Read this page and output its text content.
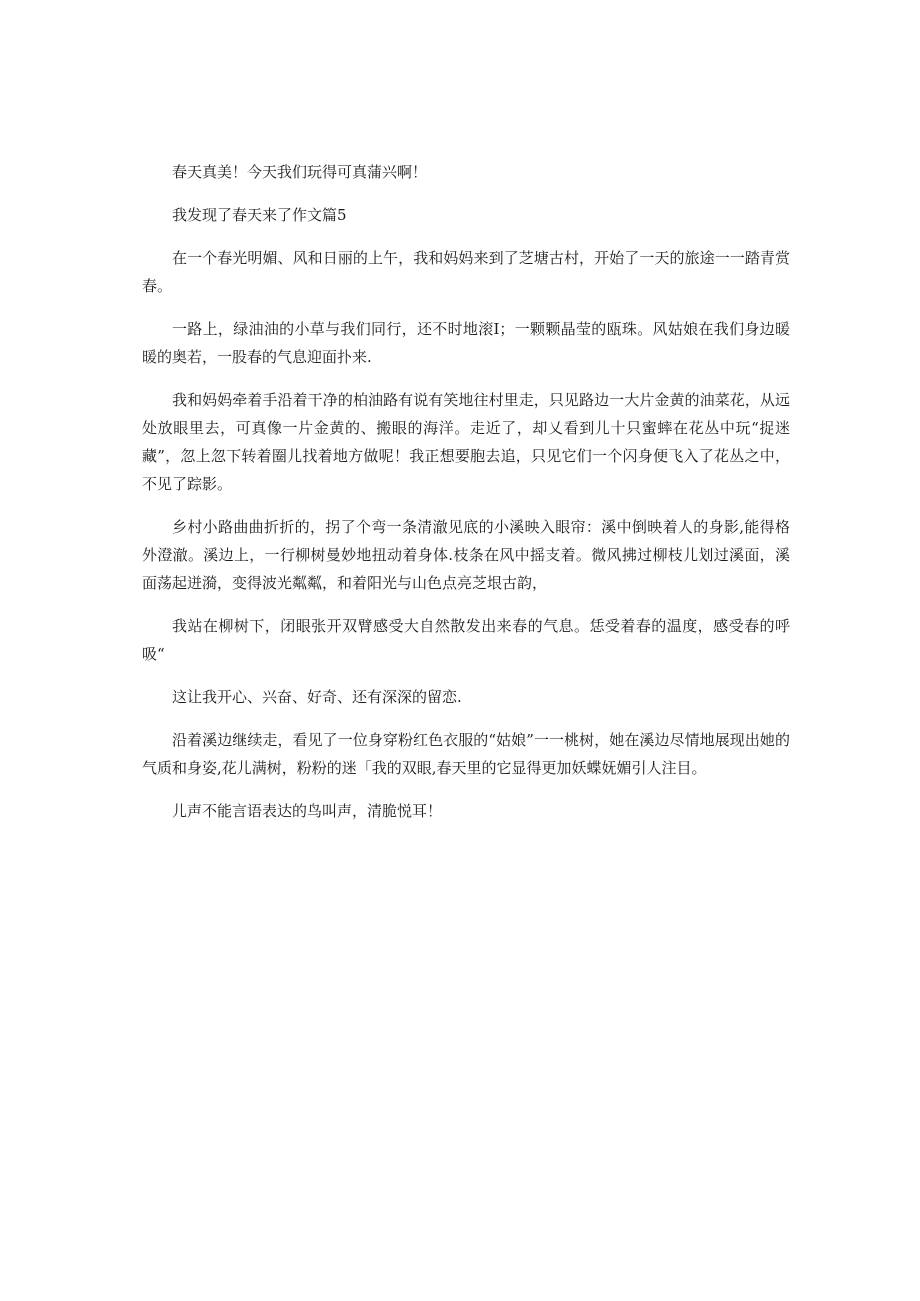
春天真美！今天我们玩得可真蒲兴啊！

我发现了春天来了作文篇5

在一个春光明媚、风和日丽的上午，我和妈妈来到了芝塘古村，开始了一天的旅途一一踏青赏春。

一路上，绿油油的小草与我们同行，还不时地滚I；一颗颗晶莹的瓯珠。风姑娘在我们身边暖暖的奥若，一股春的气息迎面扑来.

我和妈妈牵着手沿着干净的柏油路有说有笑地往村里走，只见路边一大片金黄的油菜花，从远处放眼里去，可真像一片金黄的、搬眼的海洋。走近了，却乂看到儿十只蜜蟀在花丛中玩“捉迷藏”，忽上忽下转着圈儿找着地方做呢！我正想要胞去追，只见它们一个闪身便飞入了花丛之中，不见了踪影。

乡村小路曲曲折折的，拐了个弯一条清澈见底的小溪映入眼帘：溪中倒映着人的身影,能得格外澄澈。溪边上，一行柳树曼妙地扭动着身体.枝条在风中摇支着。微风拂过柳枝儿划过溪面，溪面荡起迸漪，变得波光粼粼，和着阳光与山色点亮芝垠古韵，

我站在柳树下，闭眼张开双臂感受大自然散发出来春的气息。恁受着春的温度，感受春的呼吸“

这让我开心、兴奋、好奇、还有深深的留恋.

沿着溪边继续走，看见了一位身穿粉红色衣服的“姑娘”一一桃树，她在溪边尽情地展现出她的气质和身姿,花儿满树，粉粉的迷「我的双眼,春天里的它显得更加妖蝶妩媚引人注目。

儿声不能言语表达的鸟叫声，清脆悦耳！
